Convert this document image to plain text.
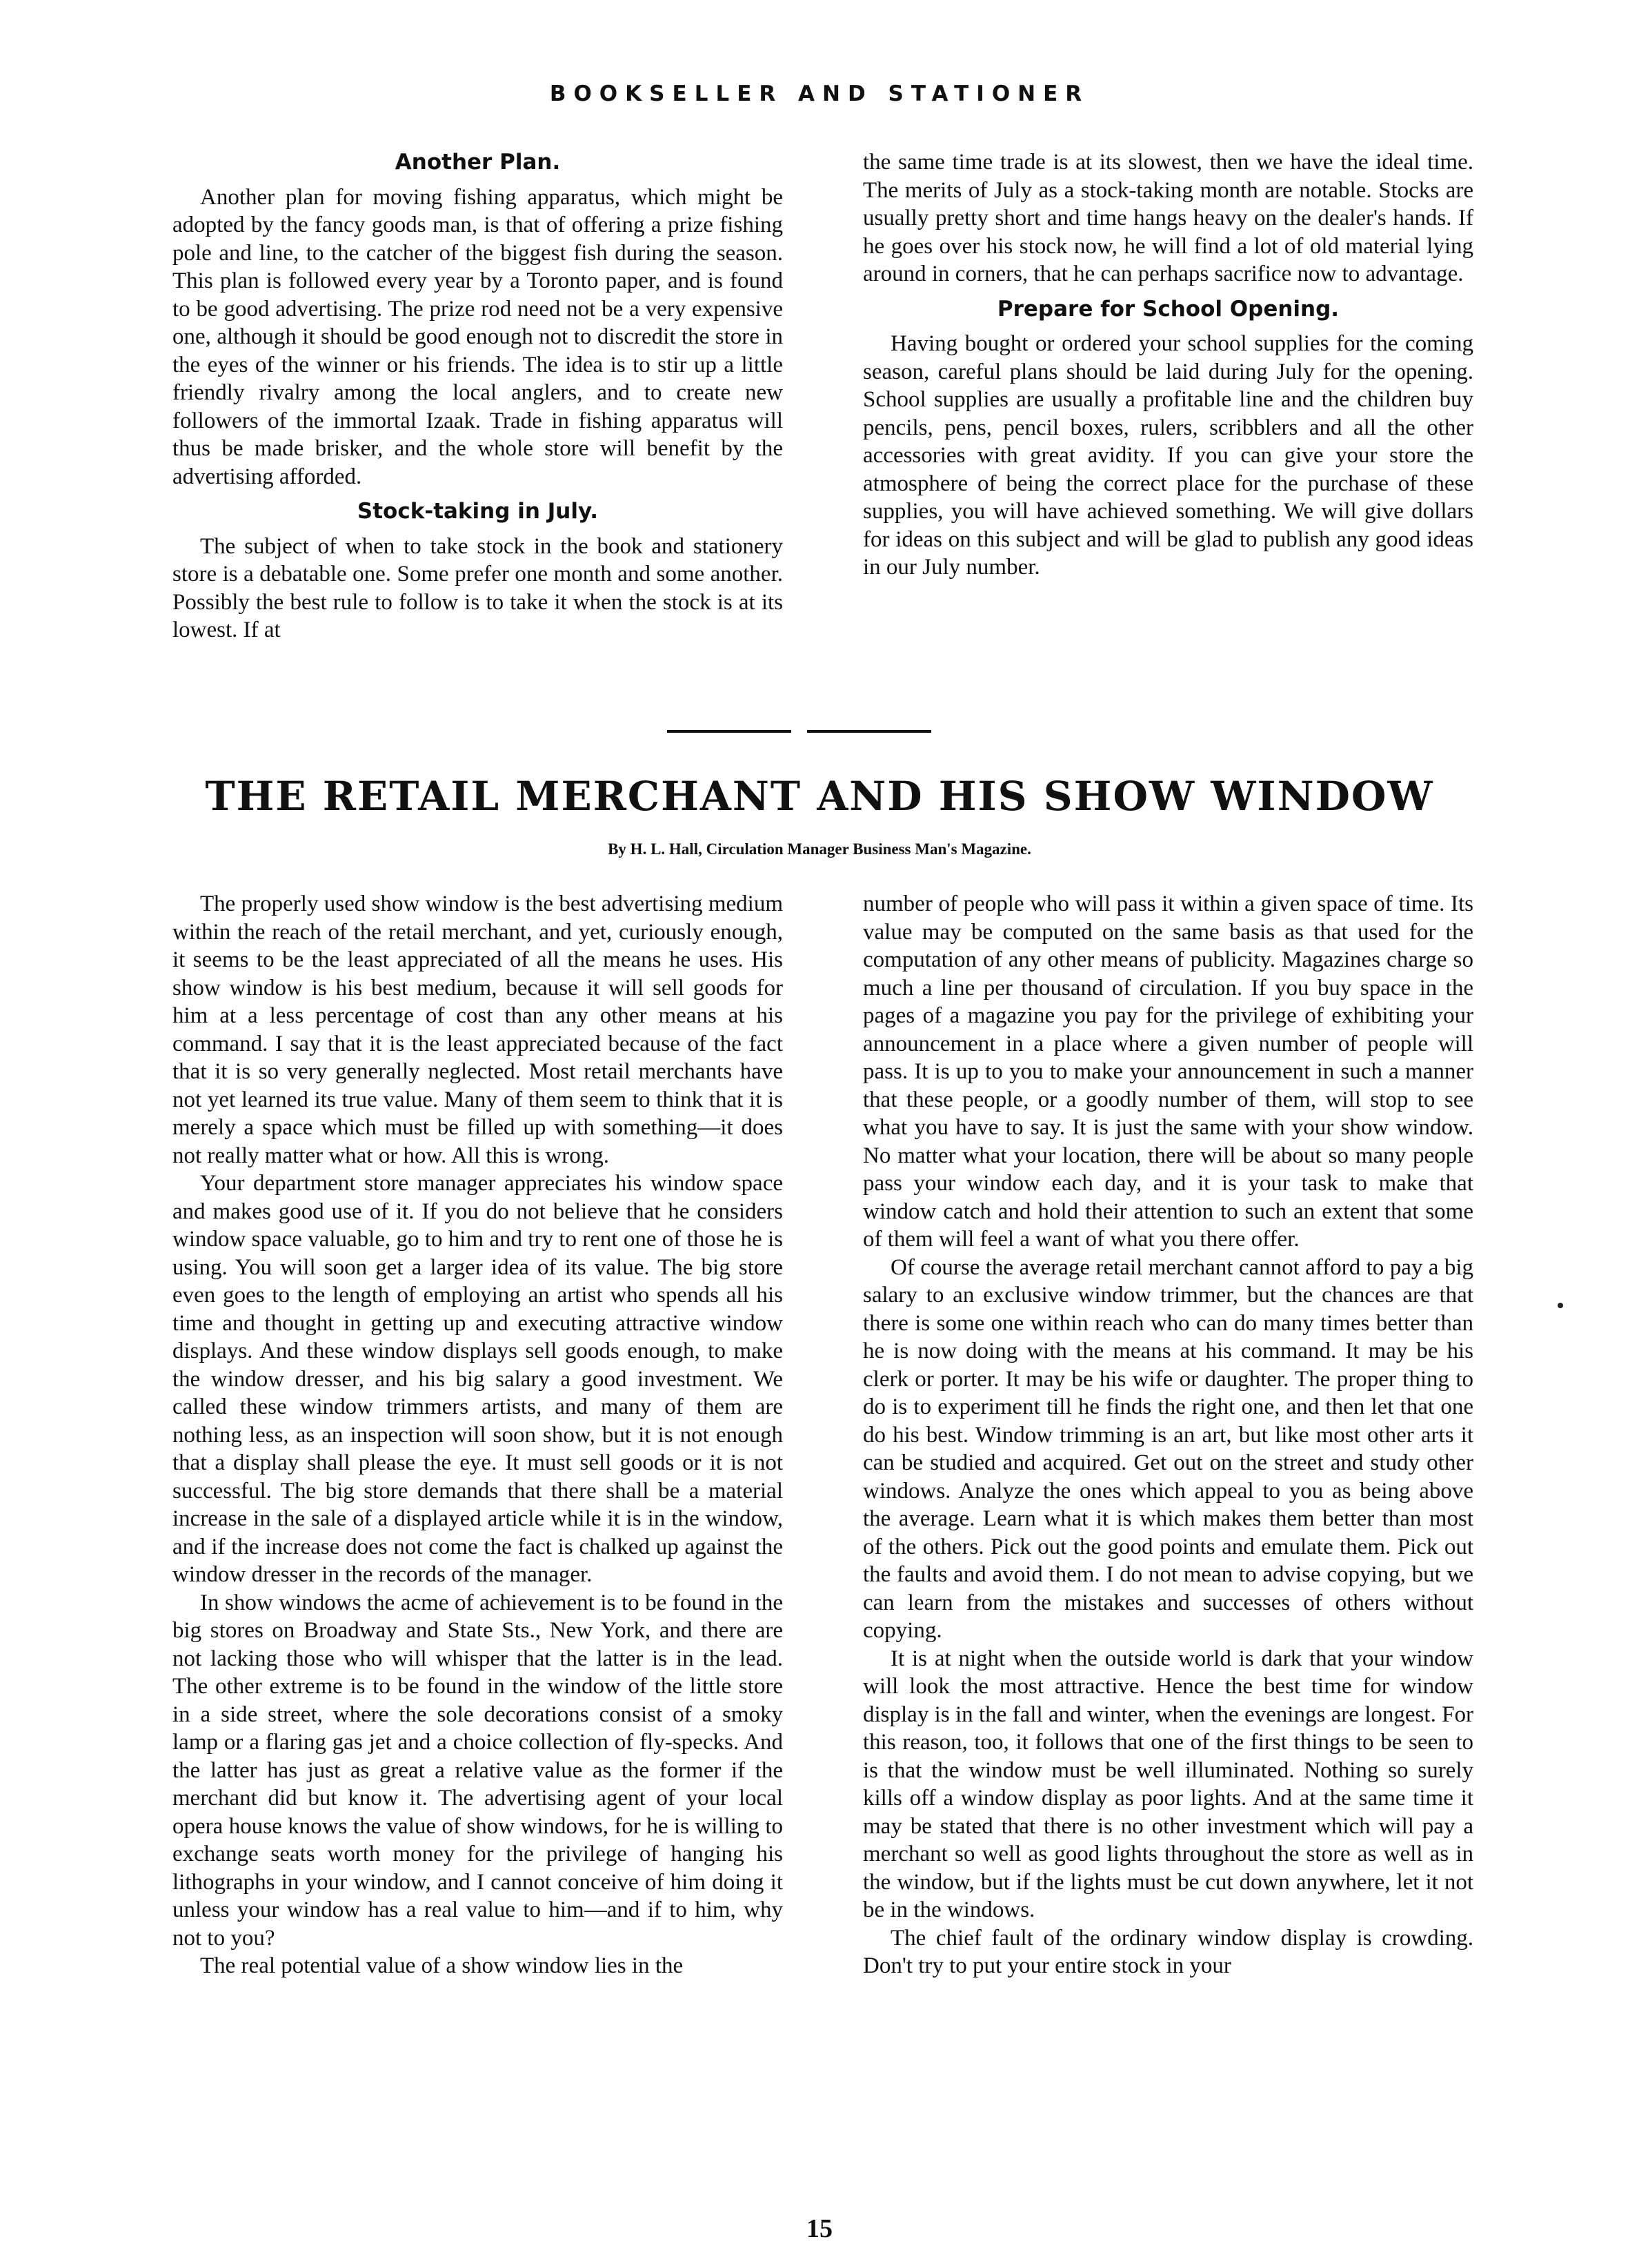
BOOKSELLER AND STATIONER
Another Plan.

Another plan for moving fishing apparatus, which might be adopted by the fancy goods man, is that of offering a prize fishing pole and line, to the catcher of the biggest fish during the season. This plan is followed every year by a Toronto paper, and is found to be good advertising. The prize rod need not be a very expensive one, although it should be good enough not to discredit the store in the eyes of the winner or his friends. The idea is to stir up a little friendly rivalry among the local anglers, and to create new followers of the immortal Izaak. Trade in fishing apparatus will thus be made brisker, and the whole store will benefit by the advertising afforded.

Stock-taking in July.

The subject of when to take stock in the book and stationery store is a debatable one. Some prefer one month and some another. Possibly the best rule to follow is to take it when the stock is at its lowest. If at

the same time trade is at its slowest, then we have the ideal time. The merits of July as a stock-taking month are notable. Stocks are usually pretty short and time hangs heavy on the dealer's hands. If he goes over his stock now, he will find a lot of old material lying around in corners, that he can perhaps sacrifice now to advantage.

Prepare for School Opening.

Having bought or ordered your school supplies for the coming season, careful plans should be laid during July for the opening. School supplies are usually a profitable line and the children buy pencils, pens, pencil boxes, rulers, scribblers and all the other accessories with great avidity. If you can give your store the atmosphere of being the correct place for the purchase of these supplies, you will have achieved something. We will give dollars for ideas on this subject and will be glad to publish any good ideas in our July number.

THE RETAIL MERCHANT AND HIS SHOW WINDOW
By H. L. Hall, Circulation Manager Business Man's Magazine.

The properly used show window is the best advertising medium within the reach of the retail merchant, and yet, curiously enough, it seems to be the least appreciated of all the means he uses. His show window is his best medium, because it will sell goods for him at a less percentage of cost than any other means at his command. I say that it is the least appreciated because of the fact that it is so very generally neglected. Most retail merchants have not yet learned its true value. Many of them seem to think that it is merely a space which must be filled up with something—it does not really matter what or how. All this is wrong.

Your department store manager appreciates his window space and makes good use of it. If you do not believe that he considers window space valuable, go to him and try to rent one of those he is using. You will soon get a larger idea of its value. The big store even goes to the length of employing an artist who spends all his time and thought in getting up and executing attractive window displays. And these window displays sell goods enough, to make the window dresser, and his big salary a good investment. We called these window trimmers artists, and many of them are nothing less, as an inspection will soon show, but it is not enough that a display shall please the eye. It must sell goods or it is not successful. The big store demands that there shall be a material increase in the sale of a displayed article while it is in the window, and if the increase does not come the fact is chalked up against the window dresser in the records of the manager.

In show windows the acme of achievement is to be found in the big stores on Broadway and State Sts., New York, and there are not lacking those who will whisper that the latter is in the lead. The other extreme is to be found in the window of the little store in a side street, where the sole decorations consist of a smoky lamp or a flaring gas jet and a choice collection of fly-specks. And the latter has just as great a relative value as the former if the merchant did but know it. The advertising agent of your local opera house knows the value of show windows, for he is willing to exchange seats worth money for the privilege of hanging his lithographs in your window, and I cannot conceive of him doing it unless your window has a real value to him—and if to him, why not to you?

The real potential value of a show window lies in the

number of people who will pass it within a given space of time. Its value may be computed on the same basis as that used for the computation of any other means of publicity. Magazines charge so much a line per thousand of circulation. If you buy space in the pages of a magazine you pay for the privilege of exhibiting your announcement in a place where a given number of people will pass. It is up to you to make your announcement in such a manner that these people, or a goodly number of them, will stop to see what you have to say. It is just the same with your show window. No matter what your location, there will be about so many people pass your window each day, and it is your task to make that window catch and hold their attention to such an extent that some of them will feel a want of what you there offer.

Of course the average retail merchant cannot afford to pay a big salary to an exclusive window trimmer, but the chances are that there is some one within reach who can do many times better than he is now doing with the means at his command. It may be his clerk or porter. It may be his wife or daughter. The proper thing to do is to experiment till he finds the right one, and then let that one do his best. Window trimming is an art, but like most other arts it can be studied and acquired. Get out on the street and study other windows. Analyze the ones which appeal to you as being above the average. Learn what it is which makes them better than most of the others. Pick out the good points and emulate them. Pick out the faults and avoid them. I do not mean to advise copying, but we can learn from the mistakes and successes of others without copying.

It is at night when the outside world is dark that your window will look the most attractive. Hence the best time for window display is in the fall and winter, when the evenings are longest. For this reason, too, it follows that one of the first things to be seen to is that the window must be well illuminated. Nothing so surely kills off a window display as poor lights. And at the same time it may be stated that there is no other investment which will pay a merchant so well as good lights throughout the store as well as in the window, but if the lights must be cut down anywhere, let it not be in the windows.

The chief fault of the ordinary window display is crowding. Don't try to put your entire stock in your

15
